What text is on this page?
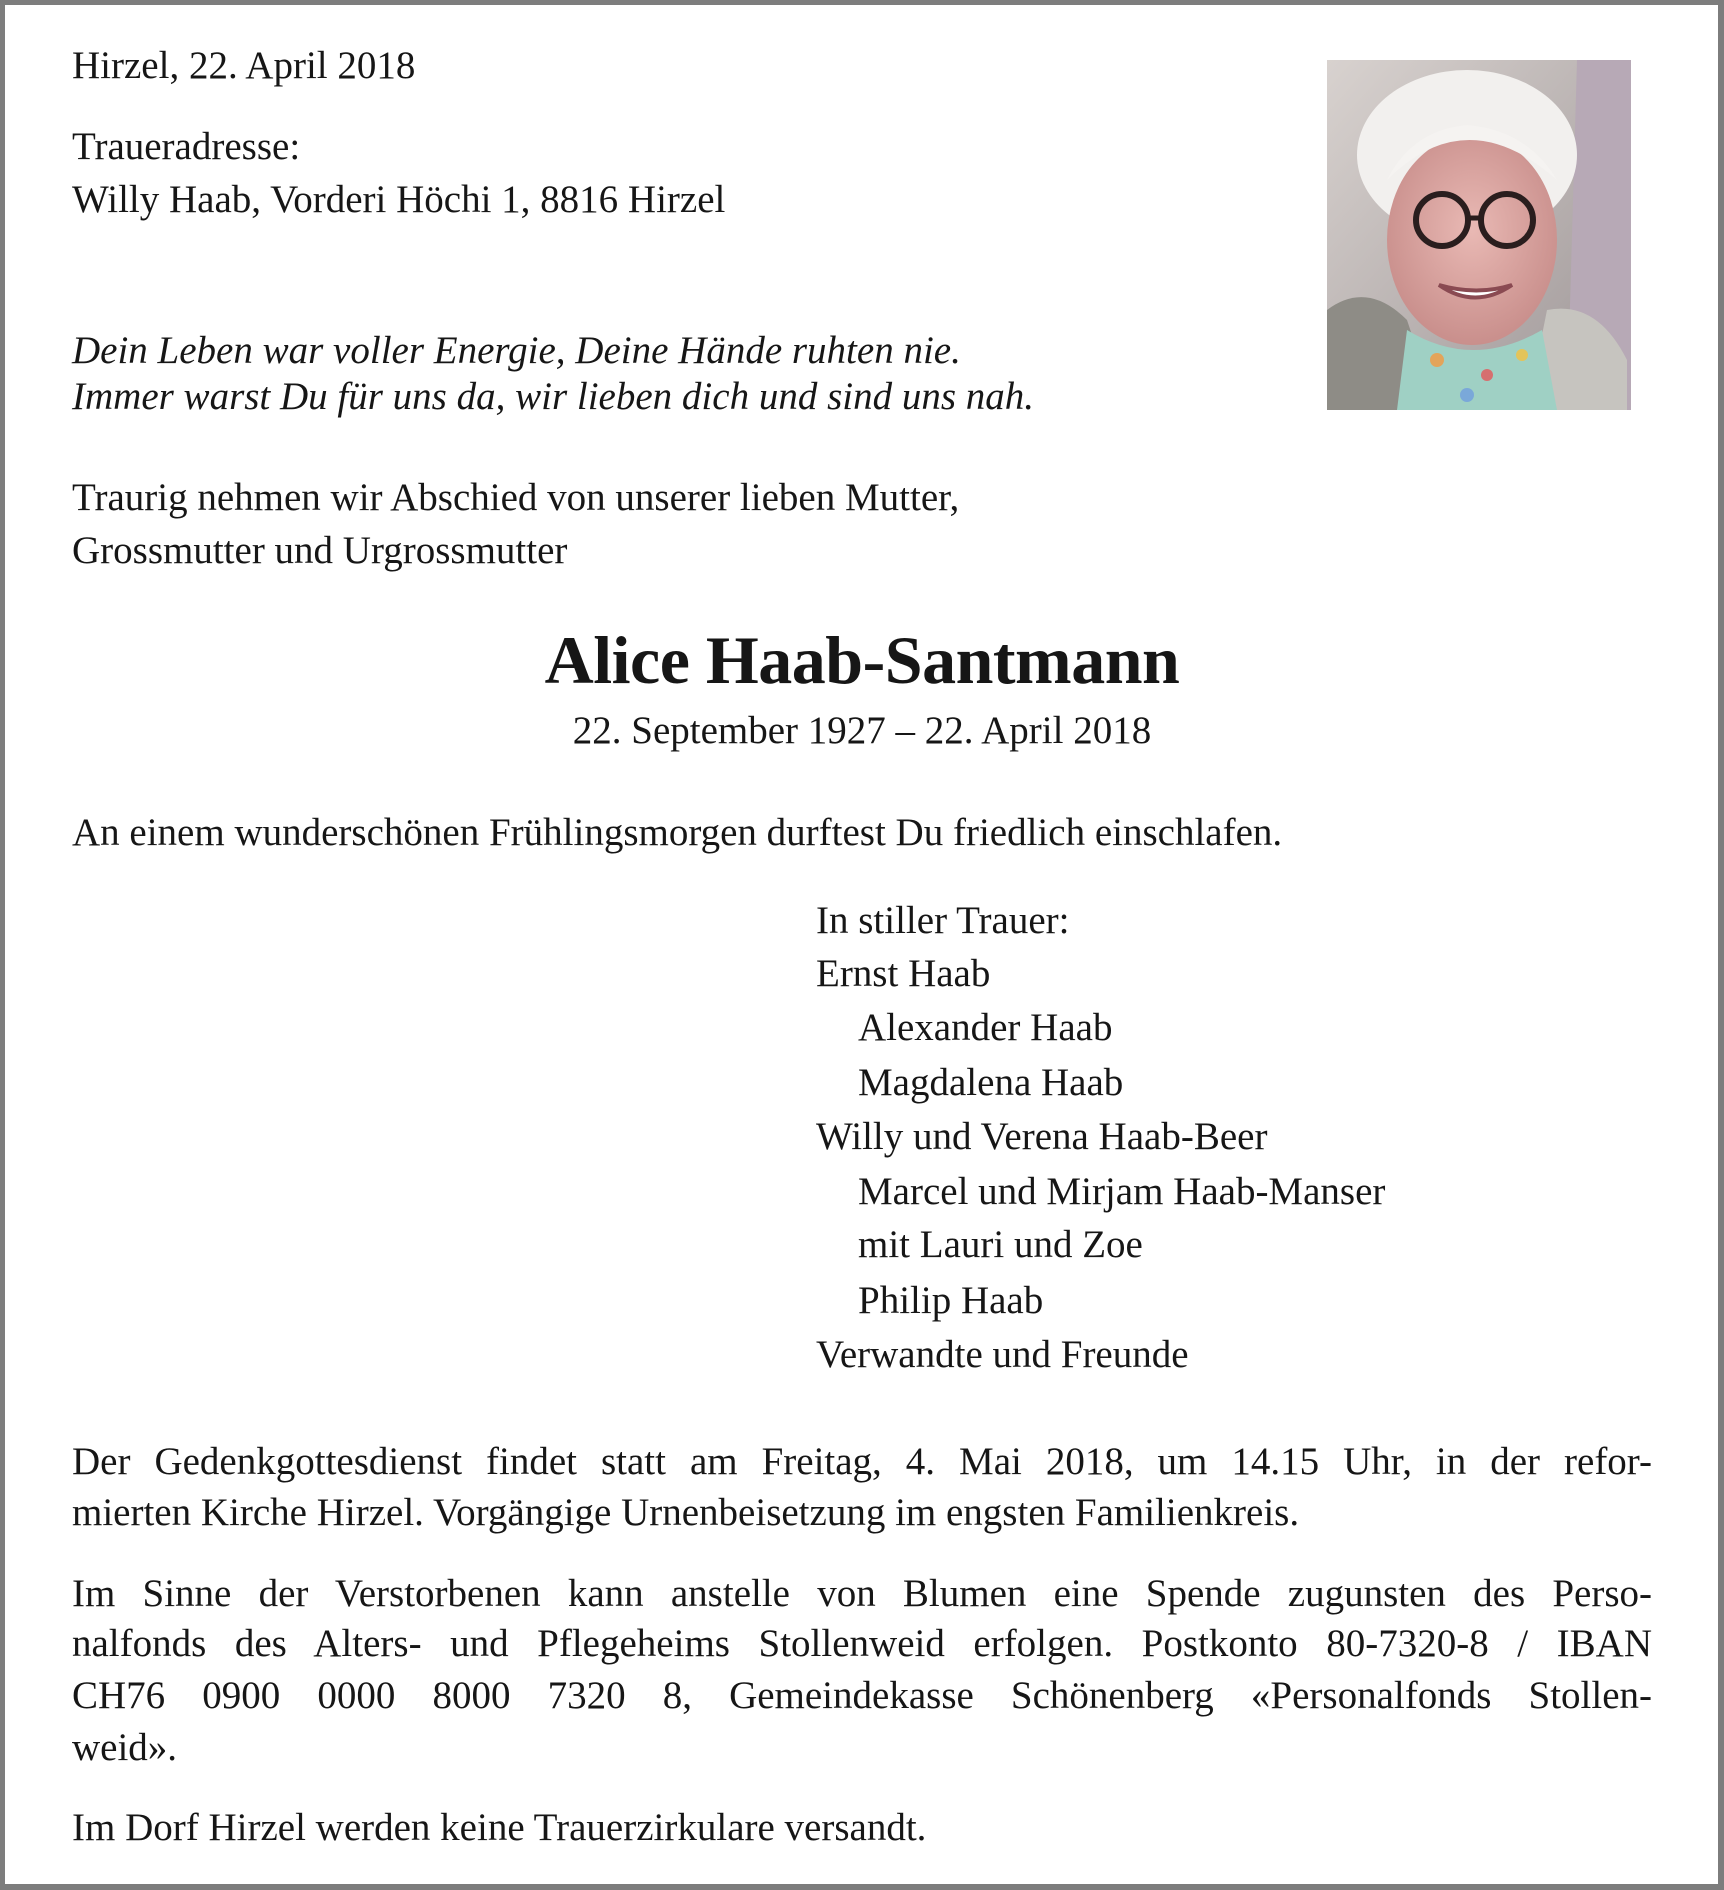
Hirzel, 22. April 2018
Traueradresse:
Willy Haab, Vorderi Höchi 1, 8816 Hirzel
Dein Leben war voller Energie, Deine Hände ruhten nie.
Immer warst Du für uns da, wir lieben dich und sind uns nah.
Traurig nehmen wir Abschied von unserer lieben Mutter,
Grossmutter und Urgrossmutter
Alice Haab-Santmann
22. September 1927 – 22. April 2018
An einem wunderschönen Frühlingsmorgen durftest Du friedlich einschlafen.
In stiller Trauer:
Ernst Haab
Alexander Haab
Magdalena Haab
Willy und Verena Haab-Beer
Marcel und Mirjam Haab-Manser
mit Lauri und Zoe
Philip Haab
Verwandte und Freunde
Der Gedenkgottesdienst findet statt am Freitag, 4. Mai 2018, um 14.15 Uhr, in der refor-
mierten Kirche Hirzel. Vorgängige Urnenbeisetzung im engsten Familienkreis.
Im Sinne der Verstorbenen kann anstelle von Blumen eine Spende zugunsten des Perso-
nalfonds des Alters- und Pflegeheims Stollenweid erfolgen. Postkonto 80-7320-8 / IBAN
CH76 0900 0000 8000 7320 8, Gemeindekasse Schönenberg «Personalfonds Stollen-
weid».
Im Dorf Hirzel werden keine Trauerzirkulare versandt.
